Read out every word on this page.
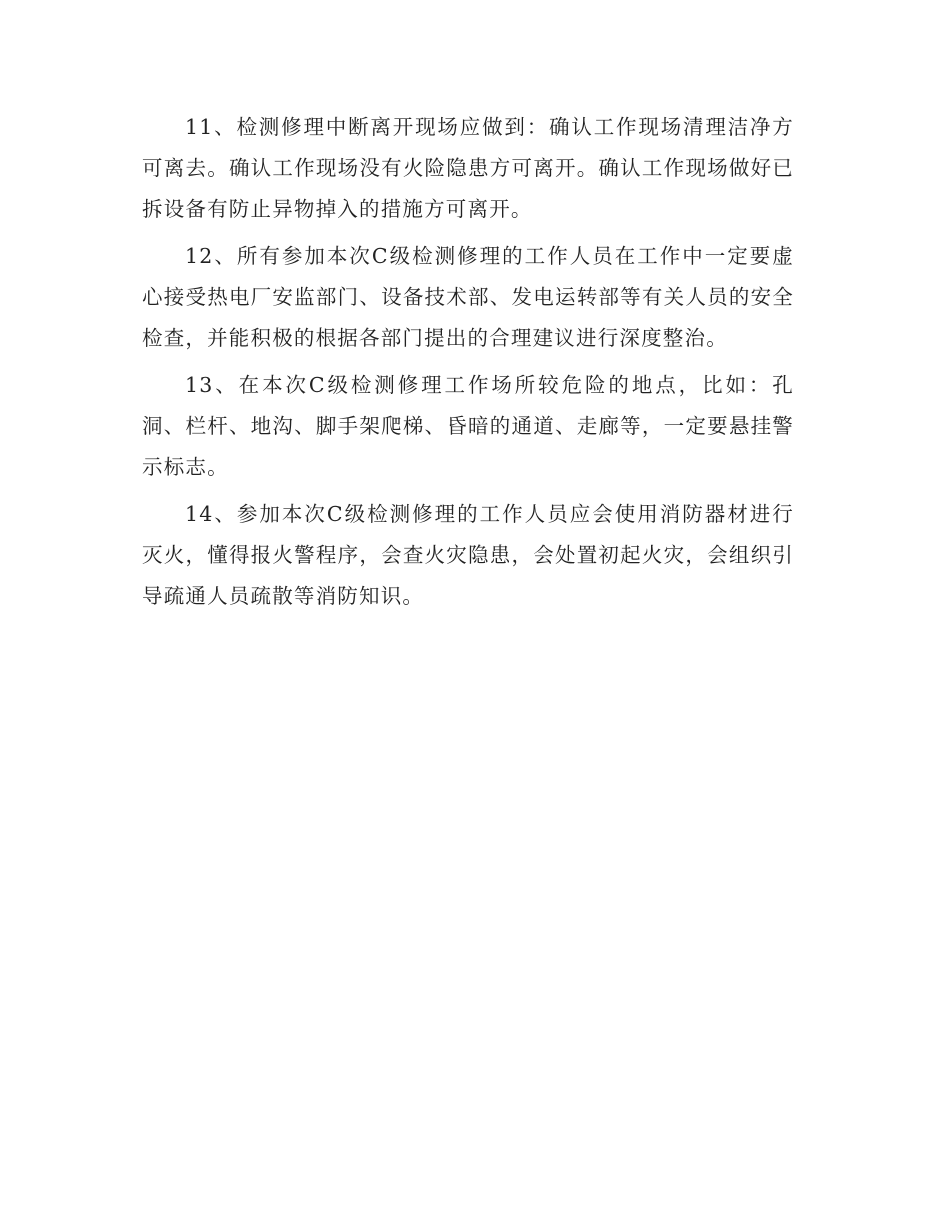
11、检测修理中断离开现场应做到：确认工作现场清理洁净方可离去。确认工作现场没有火险隐患方可离开。确认工作现场做好已拆设备有防止异物掉入的措施方可离开。

12、所有参加本次C级检测修理的工作人员在工作中一定要虚心接受热电厂安监部门、设备技术部、发电运转部等有关人员的安全检查，并能积极的根据各部门提出的合理建议进行深度整治。

13、在本次C级检测修理工作场所较危险的地点，比如：孔洞、栏杆、地沟、脚手架爬梯、昏暗的通道、走廊等，一定要悬挂警示标志。

14、参加本次C级检测修理的工作人员应会使用消防器材进行灭火，懂得报火警程序，会查火灾隐患，会处置初起火灾，会组织引导疏通人员疏散等消防知识。
